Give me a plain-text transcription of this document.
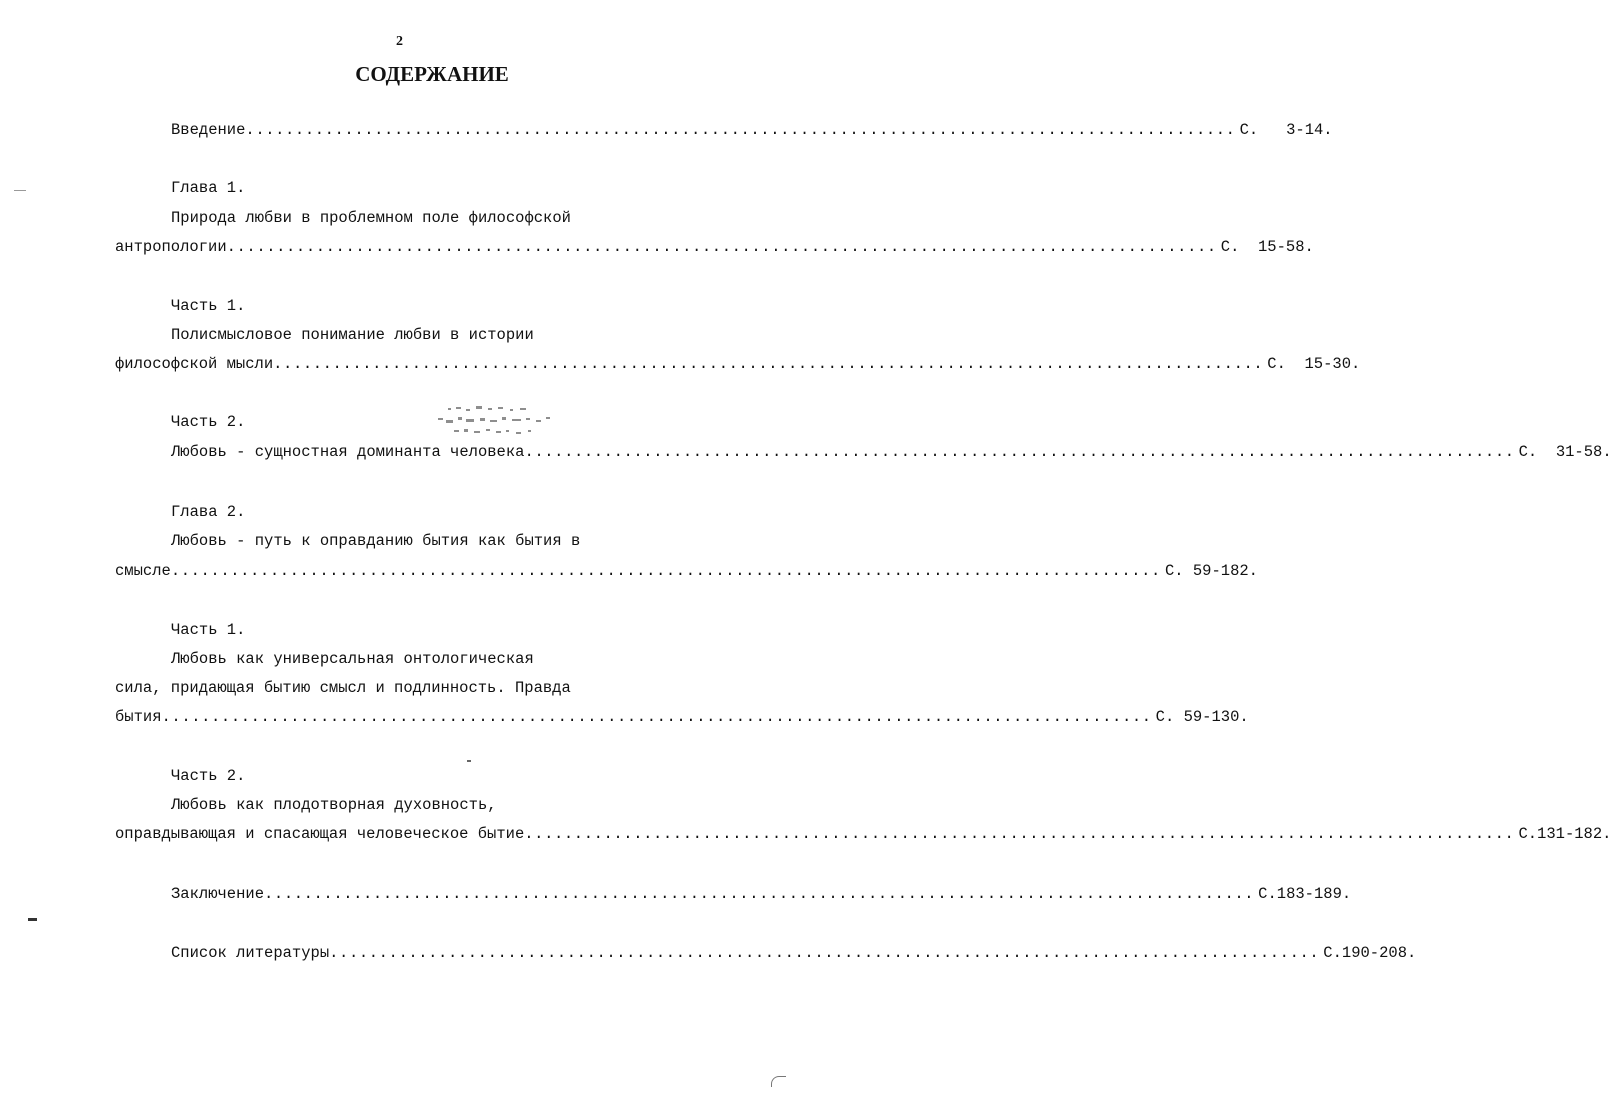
2
СОДЕРЖАНИЕ
Введение .................................................................................................... С.   3-14.
Глава 1.
Природа любви в проблемном поле философской
антропологии .................................................................................................... С.  15-58.
Часть 1.
Полисмысловое понимание любви в истории
философской мысли .................................................................................................... С.  15-30.
Часть 2.
Любовь - сущностная доминанта человека .................................................................................................... С.  31-58.
Глава 2.
Любовь - путь к оправданию бытия как бытия в
смысле .................................................................................................... С. 59-182.
Часть 1.
Любовь как универсальная онтологическая
сила, придающая бытию смысл и подлинность. Правда
бытия .................................................................................................... С. 59-130.
Часть 2.
Любовь как плодотворная духовность,
оправдывающая и спасающая человеческое бытие .................................................................................................... С.131-182.
Заключение .................................................................................................... С.183-189.
Список литературы .................................................................................................... С.190-208.
